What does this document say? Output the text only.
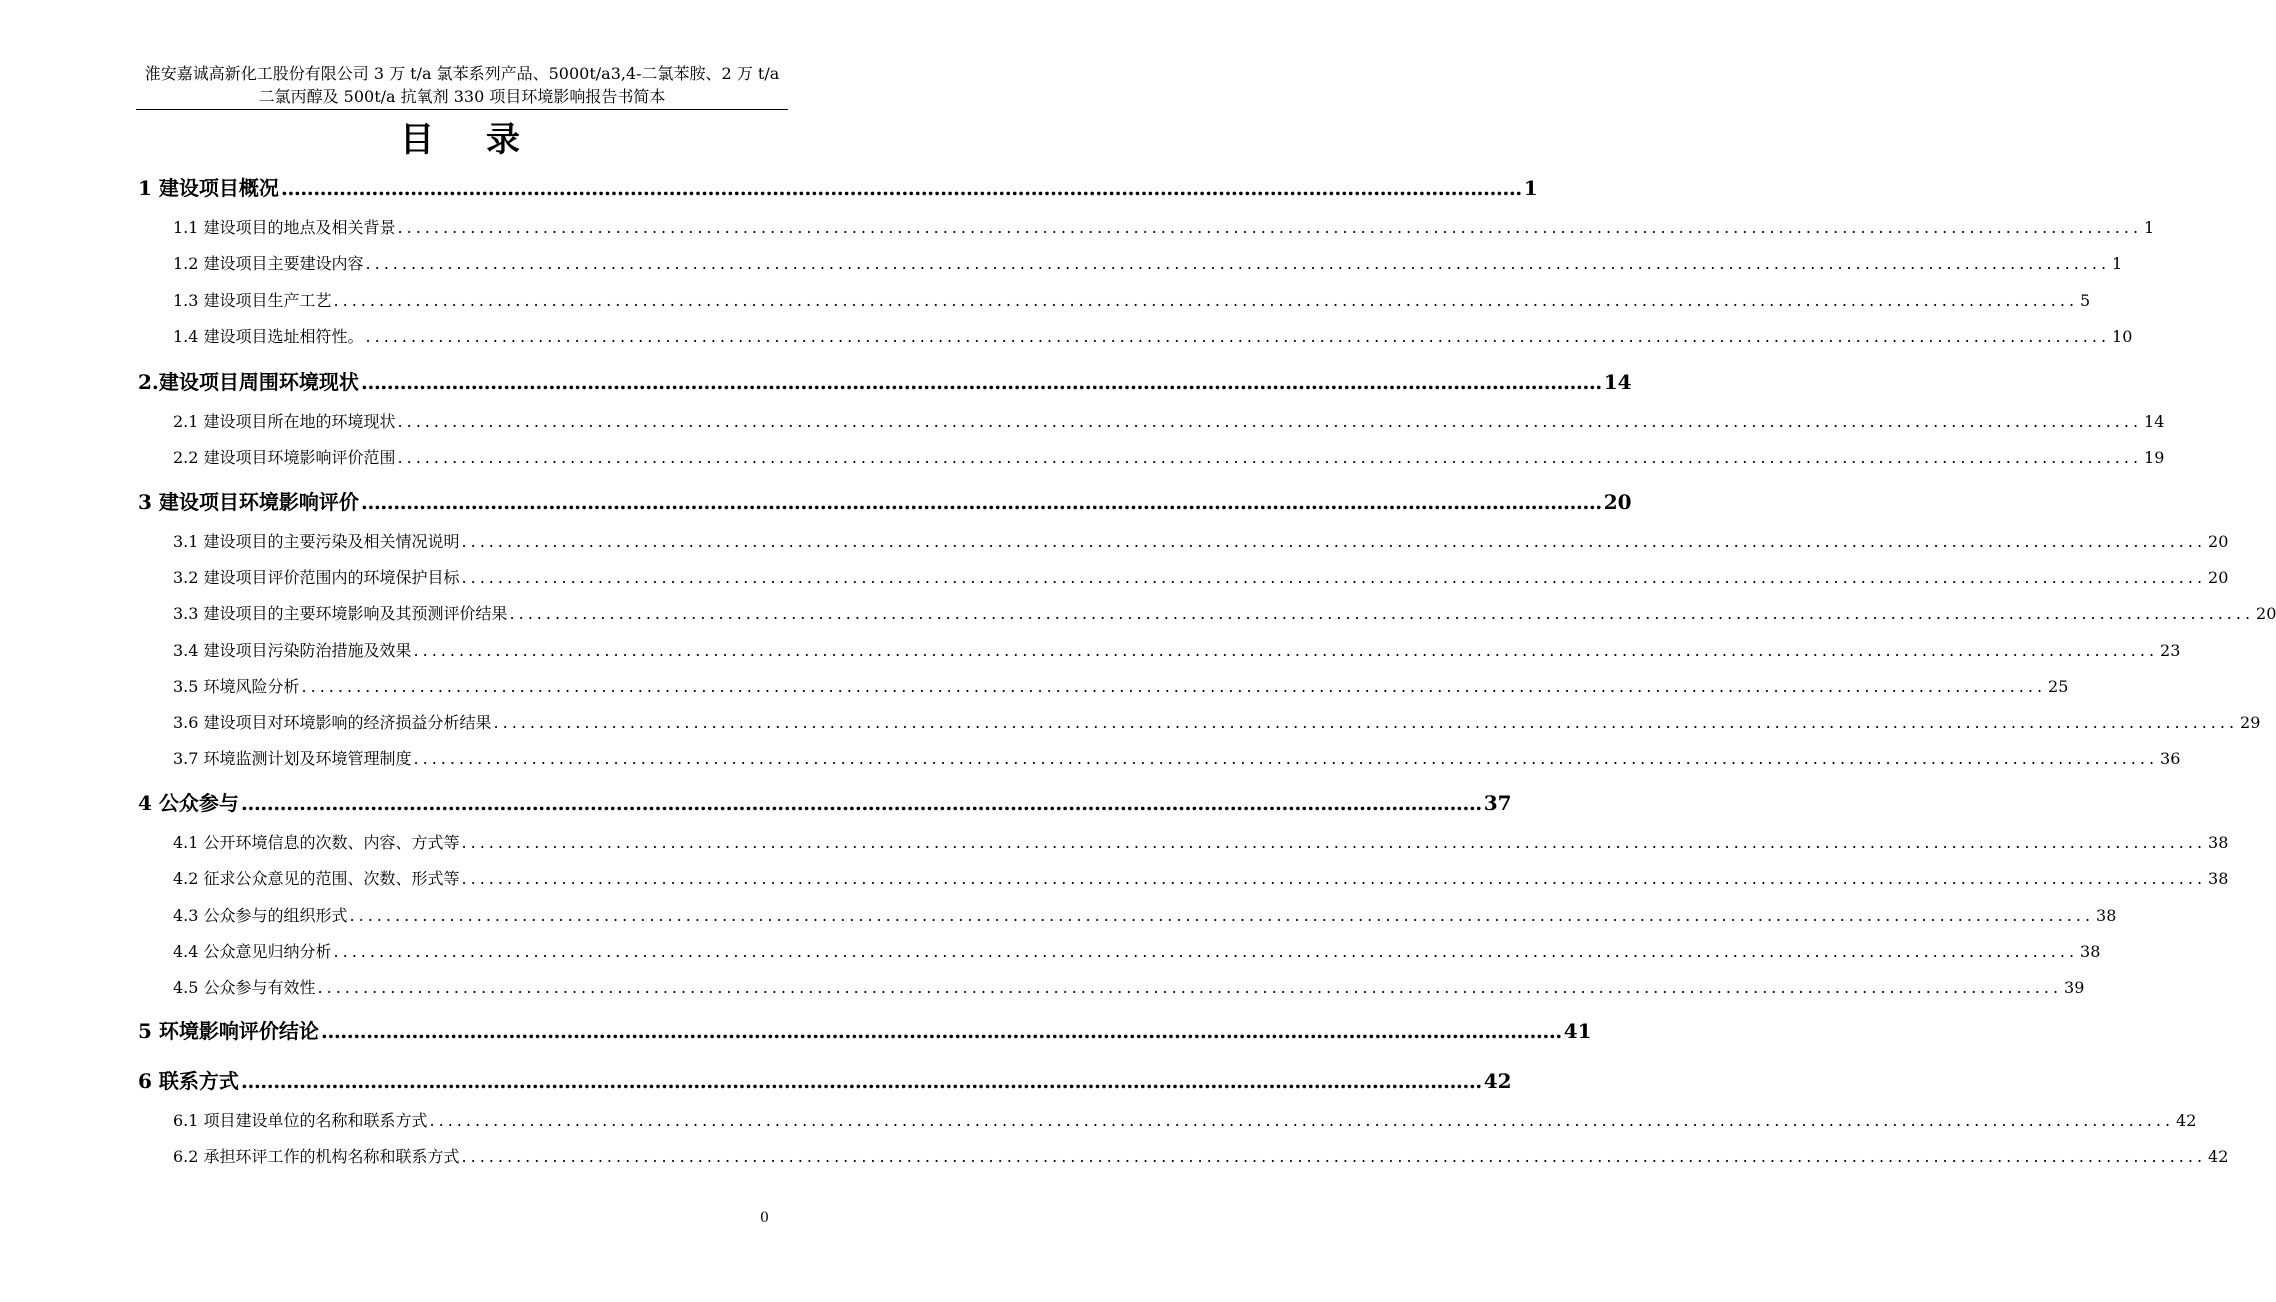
淮安嘉诚高新化工股份有限公司 3 万 t/a 氯苯系列产品、5000t/a3,4-二氯苯胺、2 万 t/a
二氯丙醇及 500t/a 抗氧剂 330 项目环境影响报告书简本
目录
1 建设项目概况 ................................................................................................................................................................................................ 1
1.1 建设项目的地点及相关背景 ................................................................................................................................................................................................ 1
1.2 建设项目主要建设内容 ................................................................................................................................................................................................ 1
1.3 建设项目生产工艺 ................................................................................................................................................................................................ 5
1.4 建设项目选址相符性。 ................................................................................................................................................................................................ 10
2.建设项目周围环境现状 ................................................................................................................................................................................................ 14
2.1 建设项目所在地的环境现状 ................................................................................................................................................................................................ 14
2.2 建设项目环境影响评价范围 ................................................................................................................................................................................................ 19
3 建设项目环境影响评价 ................................................................................................................................................................................................ 20
3.1 建设项目的主要污染及相关情况说明 ................................................................................................................................................................................................ 20
3.2 建设项目评价范围内的环境保护目标 ................................................................................................................................................................................................ 20
3.3 建设项目的主要环境影响及其预测评价结果 ................................................................................................................................................................................................ 20
3.4 建设项目污染防治措施及效果 ................................................................................................................................................................................................ 23
3.5 环境风险分析 ................................................................................................................................................................................................ 25
3.6 建设项目对环境影响的经济损益分析结果 ................................................................................................................................................................................................ 29
3.7 环境监测计划及环境管理制度 ................................................................................................................................................................................................ 36
4 公众参与 ................................................................................................................................................................................................ 37
4.1 公开环境信息的次数、内容、方式等 ................................................................................................................................................................................................ 38
4.2 征求公众意见的范围、次数、形式等 ................................................................................................................................................................................................ 38
4.3 公众参与的组织形式 ................................................................................................................................................................................................ 38
4.4 公众意见归纳分析 ................................................................................................................................................................................................ 38
4.5 公众参与有效性 ................................................................................................................................................................................................ 39
5 环境影响评价结论 ................................................................................................................................................................................................ 41
6 联系方式 ................................................................................................................................................................................................ 42
6.1 项目建设单位的名称和联系方式 ................................................................................................................................................................................................ 42
6.2 承担环评工作的机构名称和联系方式 ................................................................................................................................................................................................ 42
0
